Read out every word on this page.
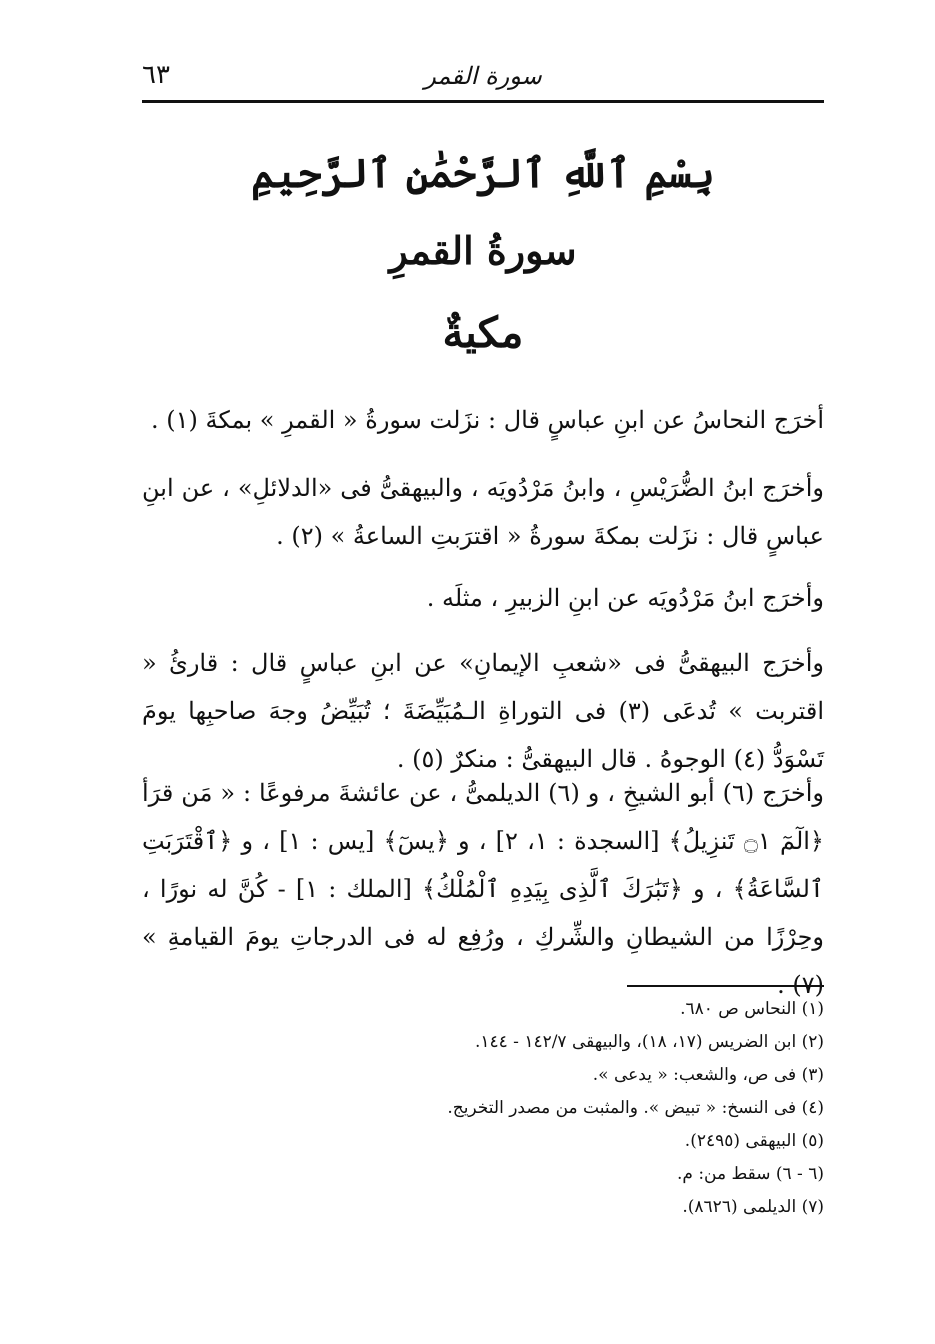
سورة القمر
٦٣
بِسْمِ ٱللَّهِ ٱلرَّحْمَٰنِ ٱلرَّحِيمِ
سورةُ القمرِ
مكيةٌ

أخرَج النحاسُ عن ابنِ عباسٍ قال : نزَلت سورةُ « القمرِ » بمكةَ (١) .

وأخرَج ابنُ الضُّرَيْسِ ، وابنُ مَرْدُويَه ، والبيهقىُّ فى «الدلائلِ» ، عن ابنِ عباسٍ قال : نزَلت بمكةَ سورةُ « اقترَبتِ الساعةُ » (٢) .

وأخرَج ابنُ مَرْدُويَه عن ابنِ الزبيرِ ، مثلَه .

وأخرَج البيهقىُّ فى «شعبِ الإيمانِ» عن ابنِ عباسٍ قال : قارئُ « اقتربت » تُدعَى (٣) فى التوراةِ الـمُبَيِّضَةَ ؛ تُبَيِّضُ وجهَ صاحبِها يومَ تَسْوَدُّ (٤) الوجوهُ . قال البيهقىُّ : منكرٌ (٥) .

وأخرَج (٦) أبو الشيخِ ، و (٦) الديلمىُّ ، عن عائشةَ مرفوعًا : « مَن قرَأ ﴿الٓمٓ ۝١ تَنزِيلُ﴾ [السجدة : ١، ٢] ، و ﴿يسٓ﴾ [يس : ١] ، و ﴿ٱقْتَرَبَتِ ٱلسَّاعَةُ﴾ ، و ﴿تَبَٰرَكَ ٱلَّذِى بِيَدِهِ ٱلْمُلْكُ﴾ [الملك : ١] - كُنَّ له نورًا ، وحِرْزًا من الشيطانِ والشِّركِ ، ورُفِع له فى الدرجاتِ يومَ القيامةِ » (٧) .

(١) النحاس ص ٦٨٠.
(٢) ابن الضريس (١٧، ١٨)، والبيهقى ١٤٢/٧ - ١٤٤.
(٣) فى ص، والشعب: « يدعى ».
(٤) فى النسخ: « تبيض ». والمثبت من مصدر التخريج.
(٥) البيهقى (٢٤٩٥).
(٦ - ٦) سقط من: م.
(٧) الديلمى (٨٦٢٦).
